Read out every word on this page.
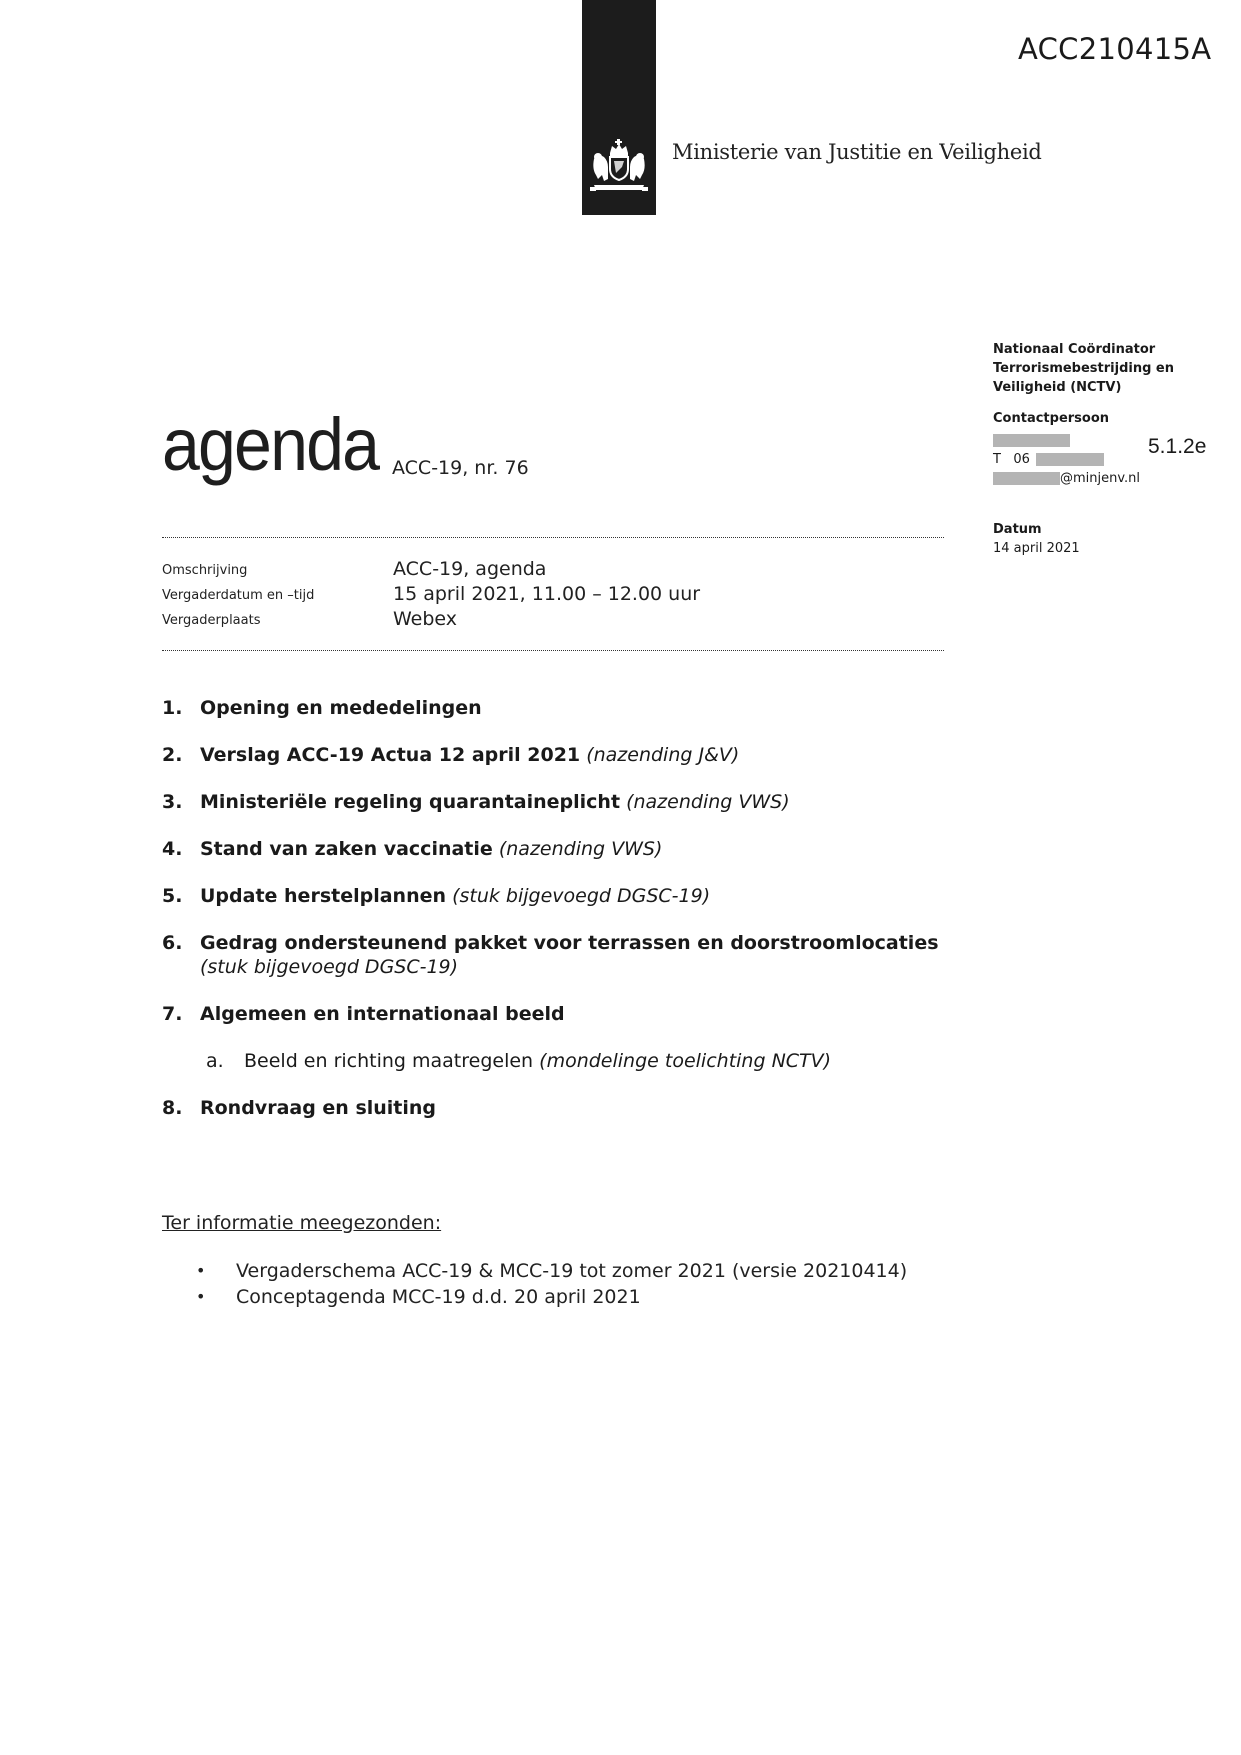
Ministerie van Justitie en Veiligheid
ACC210415A
Nationaal Coördinator
Terrorismebestrijding en
Veiligheid (NCTV)
Contactpersoon
T   06
@minjenv.nl
Datum
14 april 2021
5.1.2e
agenda ACC-19, nr. 76
Omschrijving	ACC-19, agenda
Vergaderdatum en –tijd	15 april 2021, 11.00 – 12.00 uur
Vergaderplaats	Webex
1. Opening en mededelingen
2. Verslag ACC-19 Actua 12 april 2021 (nazending J&V)
3. Ministeriële regeling quarantaineplicht (nazending VWS)
4. Stand van zaken vaccinatie (nazending VWS)
5. Update herstelplannen (stuk bijgevoegd DGSC-19)
6. Gedrag ondersteunend pakket voor terrassen en doorstroomlocaties
(stuk bijgevoegd DGSC-19)
7. Algemeen en internationaal beeld
a.	Beeld en richting maatregelen (mondelinge toelichting NCTV)
8. Rondvraag en sluiting
Ter informatie meegezonden:
•	Vergaderschema ACC-19 & MCC-19 tot zomer 2021 (versie 20210414)
•	Conceptagenda MCC-19 d.d. 20 april 2021
